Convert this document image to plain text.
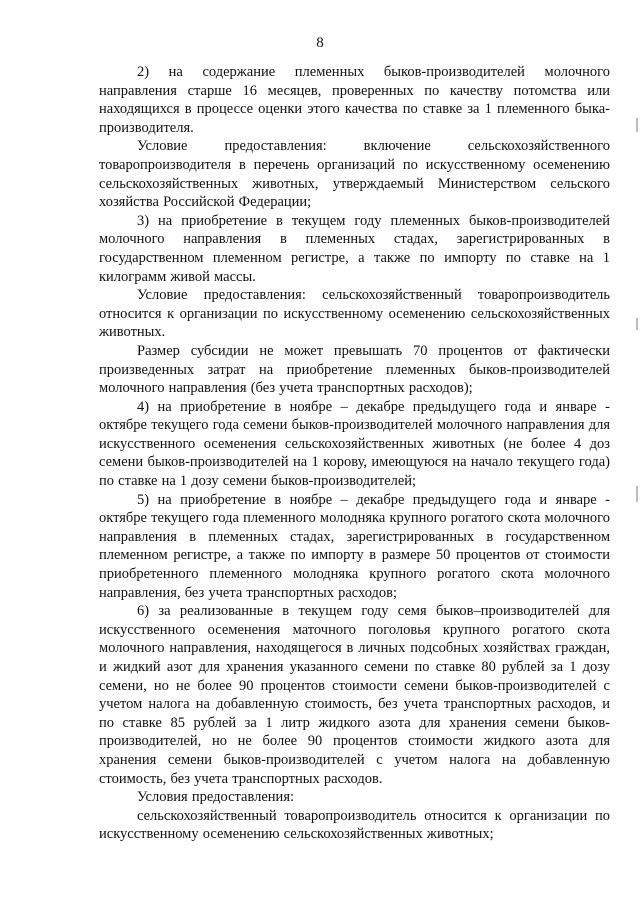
8

2) на содержание племенных быков-производителей молочного направления старше 16 месяцев, проверенных по качеству потомства или находящихся в процессе оценки этого качества по ставке за 1 племенного быка-производителя.

Условие предоставления: включение сельскохозяйственного товаропроизводителя в перечень организаций по искусственному осеменению сельскохозяйственных животных, утверждаемый Министерством сельского хозяйства Российской Федерации;

3) на приобретение в текущем году племенных быков-производителей молочного направления в племенных стадах, зарегистрированных в государственном племенном регистре, а также по импорту по ставке на 1 килограмм живой массы.

Условие предоставления: сельскохозяйственный товаропроизводитель относится к организации по искусственному осеменению сельскохозяйственных животных.

Размер субсидии не может превышать 70 процентов от фактически произведенных затрат на приобретение племенных быков-производителей молочного направления (без учета транспортных расходов);

4) на приобретение в ноябре – декабре предыдущего года и январе - октябре текущего года семени быков-производителей молочного направления для искусственного осеменения сельскохозяйственных животных (не более 4 доз семени быков-производителей на 1 корову, имеющуюся на начало текущего года) по ставке на 1 дозу семени быков-производителей;

5) на приобретение в ноябре – декабре предыдущего года и январе - октябре текущего года племенного молодняка крупного рогатого скота молочного направления в племенных стадах, зарегистрированных в государственном племенном регистре, а также по импорту в размере 50 процентов от стоимости приобретенного племенного молодняка крупного рогатого скота молочного направления, без учета транспортных расходов;

6) за реализованные в текущем году семя быков–производителей для искусственного осеменения маточного поголовья крупного рогатого скота молочного направления, находящегося в личных подсобных хозяйствах граждан, и жидкий азот для хранения указанного семени по ставке 80 рублей за 1 дозу семени, но не более 90 процентов стоимости семени быков-производителей с учетом налога на добавленную стоимость, без учета транспортных расходов, и по ставке 85 рублей за 1 литр жидкого азота для хранения семени быков-производителей, но не более 90 процентов стоимости жидкого азота для хранения семени быков-производителей с учетом налога на добавленную стоимость, без учета транспортных расходов.

Условия предоставления:

сельскохозяйственный товаропроизводитель относится к организации по искусственному осеменению сельскохозяйственных животных;
